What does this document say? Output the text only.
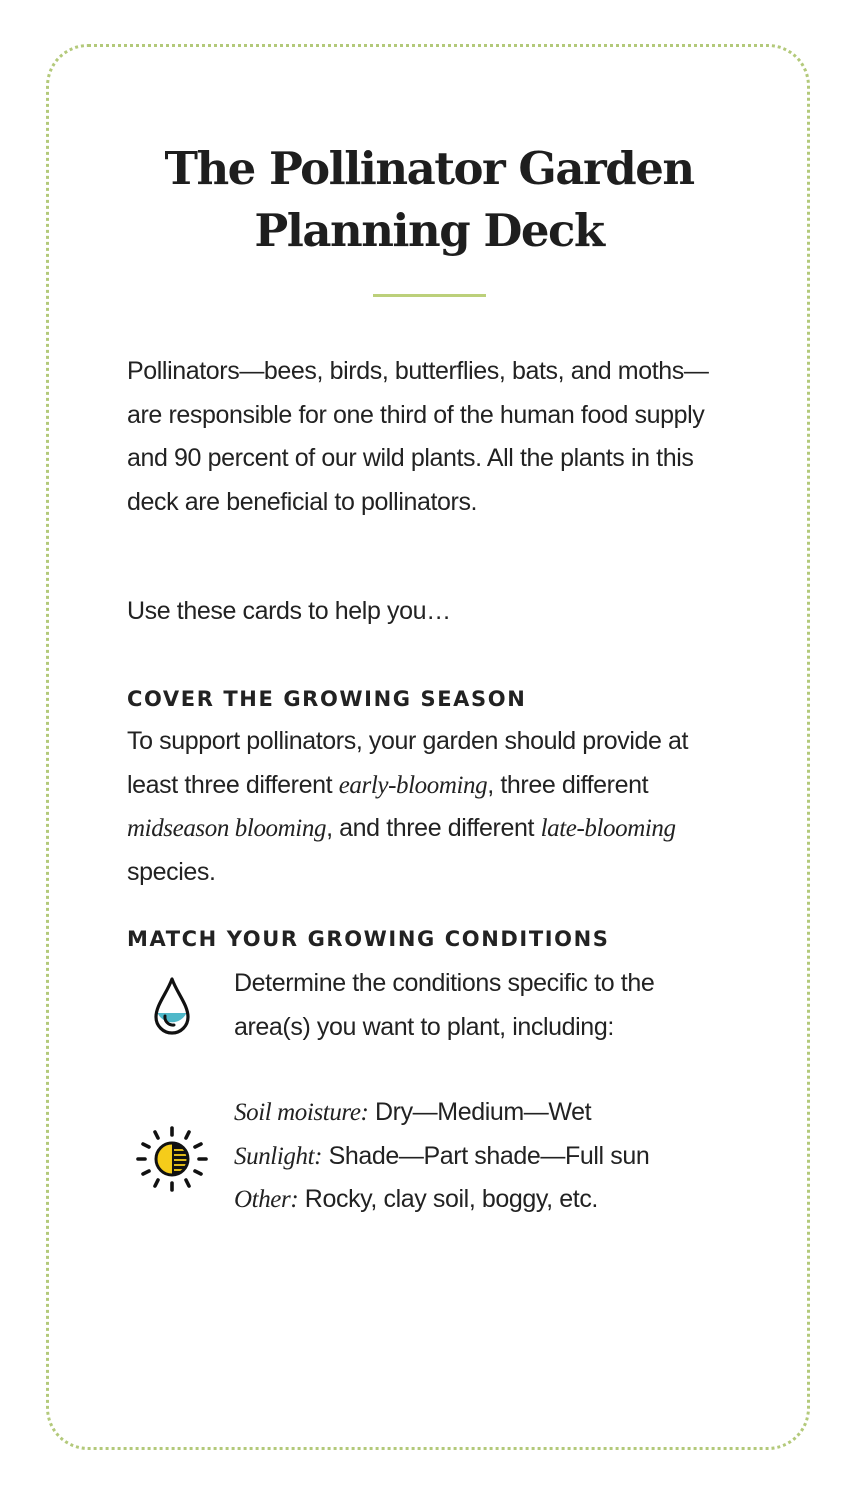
The Pollinator Garden
Planning Deck
Pollinators—bees, birds, butterflies, bats, and moths—are responsible for one third of the human food supply and 90 percent of our wild plants. All the plants in this deck are beneficial to pollinators.
Use these cards to help you…
COVER THE GROWING SEASON
To support pollinators, your garden should provide at least three different early-blooming, three different midseason blooming, and three different late-blooming species.
MATCH YOUR GROWING CONDITIONS
Determine the conditions specific to the area(s) you want to plant, including:
Soil moisture: Dry—Medium—Wet
Sunlight: Shade—Part shade—Full sun
Other: Rocky, clay soil, boggy, etc.
